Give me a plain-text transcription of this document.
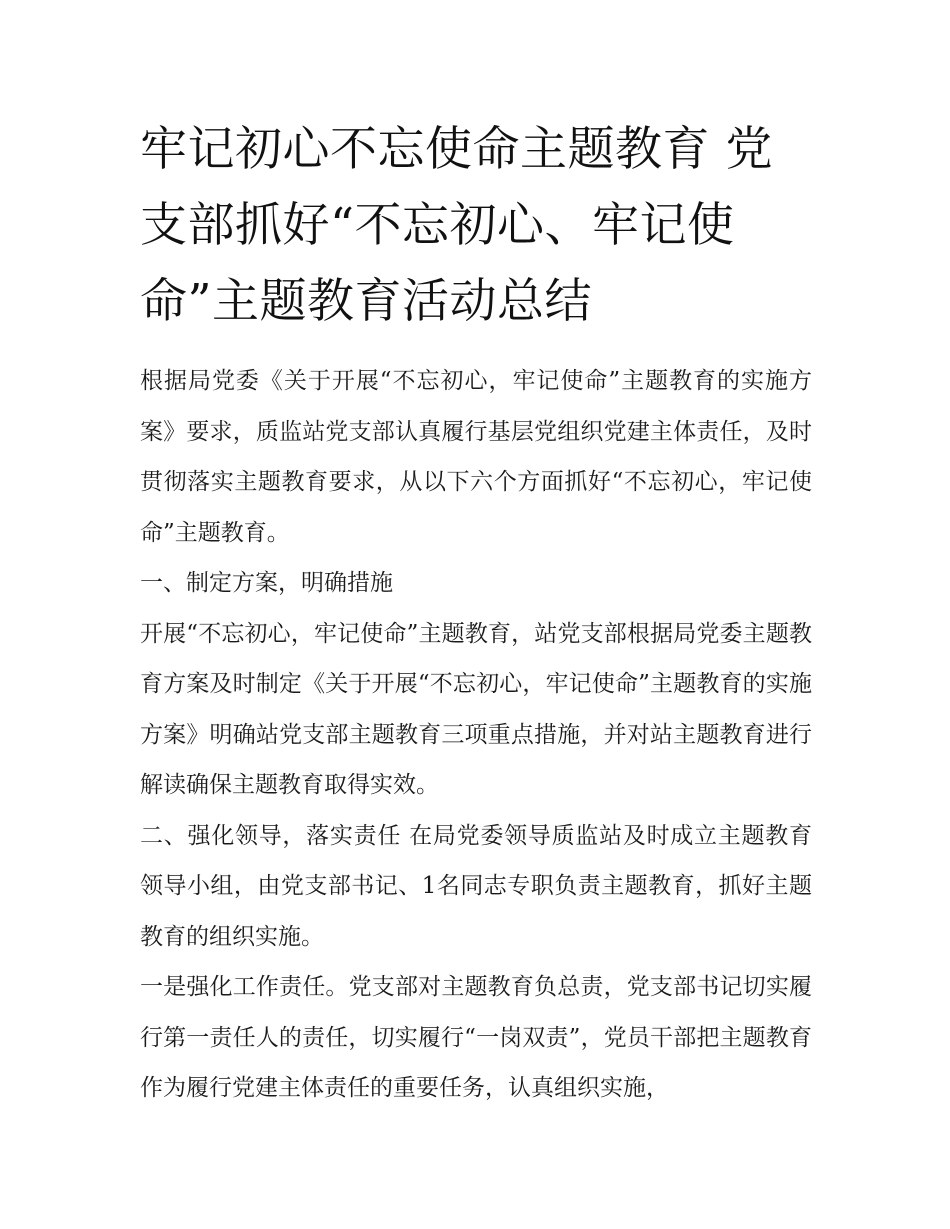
牢记初心不忘使命主题教育 党支部抓好“不忘初心、牢记使命”主题教育活动总结

根据局党委《关于开展“不忘初心，牢记使命”主题教育的实施方案》要求，质监站党支部认真履行基层党组织党建主体责任，及时贯彻落实主题教育要求，从以下六个方面抓好“不忘初心，牢记使命”主题教育。

一、制定方案，明确措施

开展“不忘初心，牢记使命”主题教育，站党支部根据局党委主题教育方案及时制定《关于开展“不忘初心，牢记使命”主题教育的实施方案》明确站党支部主题教育三项重点措施，并对站主题教育进行解读确保主题教育取得实效。

二、强化领导，落实责任 在局党委领导质监站及时成立主题教育领导小组，由党支部书记、1名同志专职负责主题教育，抓好主题教育的组织实施。

一是强化工作责任。党支部对主题教育负总责，党支部书记切实履行第一责任人的责任，切实履行“一岗双责”，党员干部把主题教育作为履行党建主体责任的重要任务，认真组织实施，
